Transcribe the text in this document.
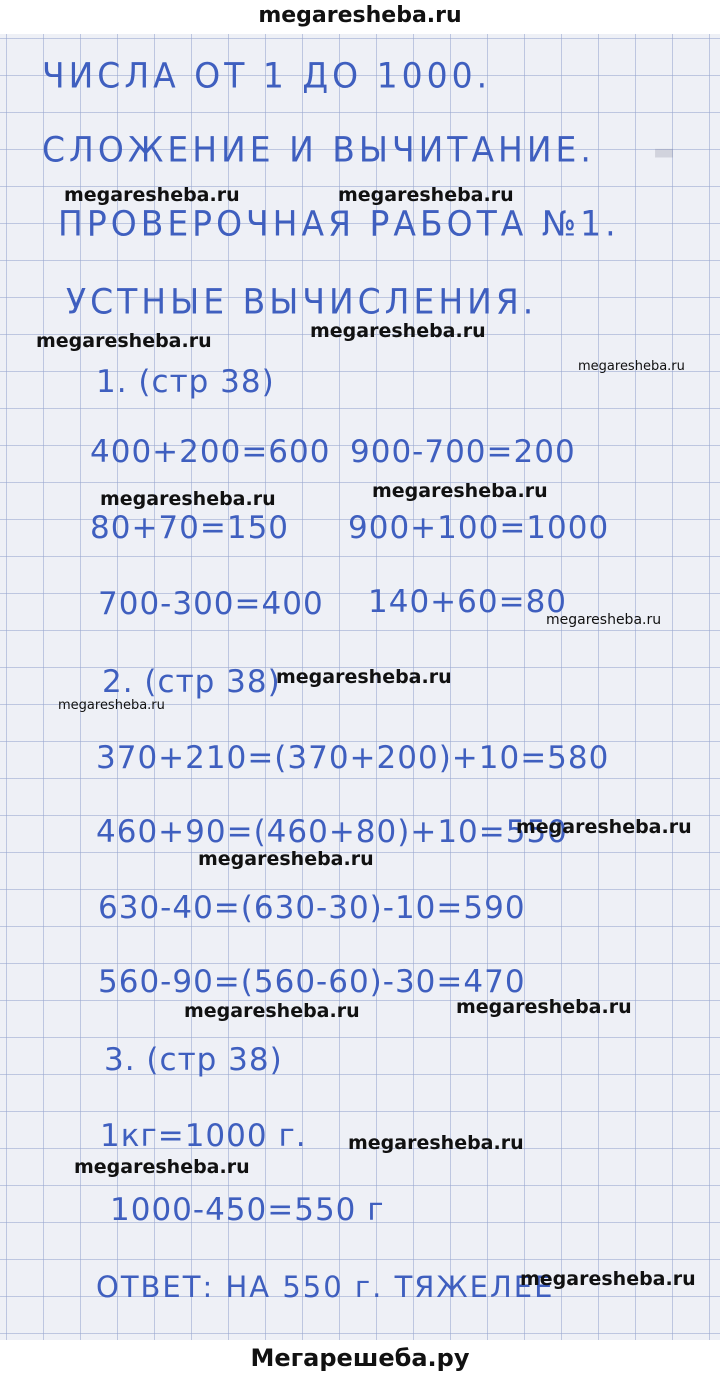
megaresheba.ru
▬
ЧИСЛА ОТ 1 ДО 1000.
СЛОЖЕНИЕ И ВЫЧИТАНИЕ.
ПРОВЕРОЧНАЯ РАБОТА №1.
УСТНЫЕ ВЫЧИСЛЕНИЯ.
1. (стр 38)
400+200=600 900-700=200
80+70=150 900+100=1000
700-300=400 140+60=80
2. (стр 38)
370+210=(370+200)+10=580
460+90=(460+80)+10=550
630-40=(630-30)-10=590
560-90=(560-60)-30=470
3. (стр 38)
1кг=1000 г.
1000-450=550 г
ОТВЕТ: НА 550 г. ТЯЖЕЛЕЕ
megaresheba.ru	megaresheba.ru
megaresheba.ru	megaresheba.ru
megaresheba.ru
megaresheba.ru	megaresheba.ru
megaresheba.ru
megaresheba.ru
megaresheba.ru
megaresheba.ru
megaresheba.ru
megaresheba.ru	megaresheba.ru
megaresheba.ru
megaresheba.ru
megaresheba.ru
Мегарешеба.ру
